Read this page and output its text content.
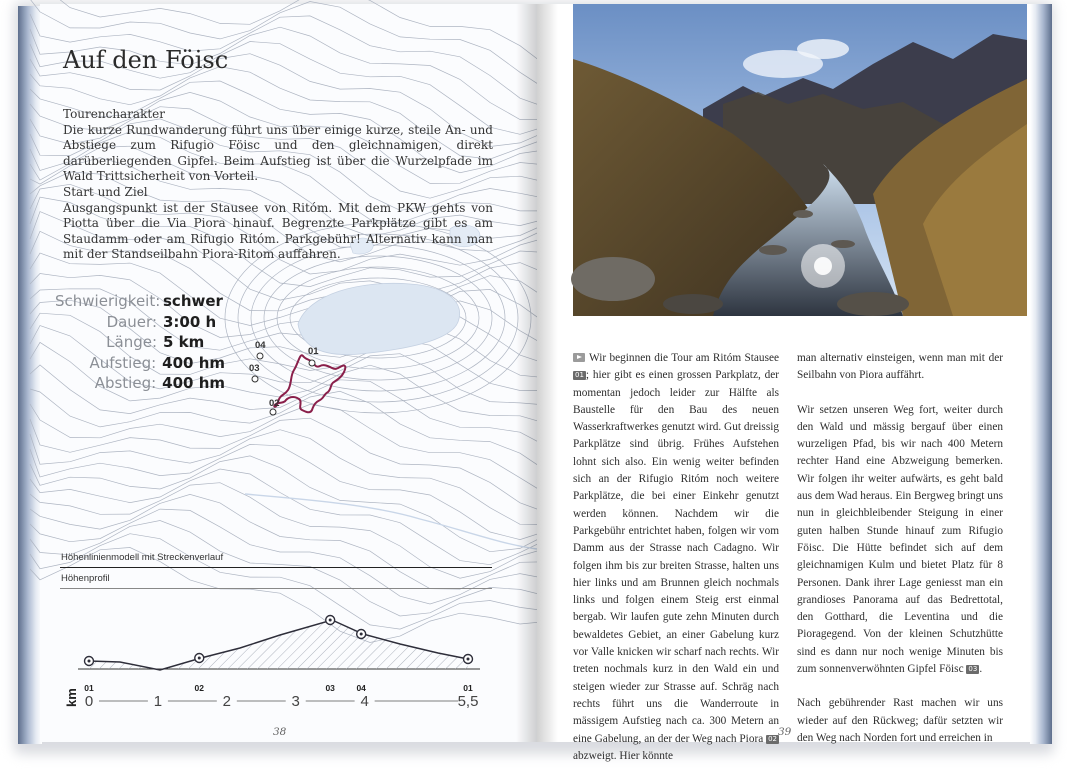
04
03
01
02
Auf den Föisc
Tourencharakter
Die kurze Rundwanderung führt uns über einige kurze, steile An- und Abstiege zum Rifugio Föisc und den gleichnamigen, direkt darüberliegenden Gipfel. Beim Aufstieg ist über die Wurzelpfade im Wald Trittsicherheit von Vorteil.
Start und Ziel
Ausgangspunkt ist der Stausee von Ritóm. Mit dem PKW gehts von Piotta über die Via Piora hinauf. Begrenzte Parkplätze gibt es am Staudamm oder am Rifugio Ritóm. Parkgebühr! Alternativ kann man mit der Standseilbahn Piora-Ritom auffahren.
Schwierigkeit: schwer
Dauer: 3:00 h
Länge: 5 km
Aufstieg: 400 hm
Abstieg: 400 hm
Höhenlinienmodell mit Streckenverlauf
Höhenprofil
01	02	03	04	01
0	1	2	3	4	5,5
km
38

Wir beginnen die Tour am Ritóm Stausee 01 ; hier gibt es einen grossen Parkplatz, der momentan jedoch leider zur Hälfte als Baustelle für den Bau des neuen Wasserkraftwerkes genutzt wird. Gut dreissig Parkplätze sind übrig. Frühes Aufstehen lohnt sich also. Ein wenig weiter befinden sich an der Rifugio Ritóm noch weitere Parkplätze, die bei einer Einkehr genutzt werden können. Nachdem wir die Parkgebühr entrichtet haben, folgen wir vom Damm aus der Strasse nach Cadagno. Wir folgen ihm bis zur breiten Strasse, halten uns hier links und am Brunnen gleich nochmals links und folgen einem Steig erst einmal bergab. Wir laufen gute zehn Minuten durch bewaldetes Gebiet, an einer Gabelung kurz vor Valle knicken wir scharf nach rechts. Wir treten nochmals kurz in den Wald ein und steigen wieder zur Strasse auf. Schräg nach rechts führt uns die Wanderroute in mässigem Aufstieg nach ca. 300 Metern an eine Gabelung, an der der Weg nach Piora 02 abzweigt. Hier könnte

man alternativ einsteigen, wenn man mit der Seilbahn von Piora auffährt.

Wir setzen unseren Weg fort, weiter durch den Wald und mässig bergauf über einen wurzeligen Pfad, bis wir nach 400 Metern rechter Hand eine Abzweigung bemerken. Wir folgen ihr weiter aufwärts, es geht bald aus dem Wad heraus. Ein Bergweg bringt uns nun in gleichbleibender Steigung in einer guten halben Stunde hinauf zum Rifugio Föisc. Die Hütte befindet sich auf dem gleichnamigen Kulm und bietet Platz für 8 Personen. Dank ihrer Lage geniesst man ein grandioses Panorama auf das Bedrettotal, den Gotthard, die Leventina und die Pioragegend. Von der kleinen Schutzhütte sind es dann nur noch wenige Minuten bis zum sonnenverwöhnten Gipfel Föisc 03 .

Nach gebührender Rast machen wir uns wieder auf den Rückweg; dafür setzten wir den Weg nach Norden fort und erreichen in

39
